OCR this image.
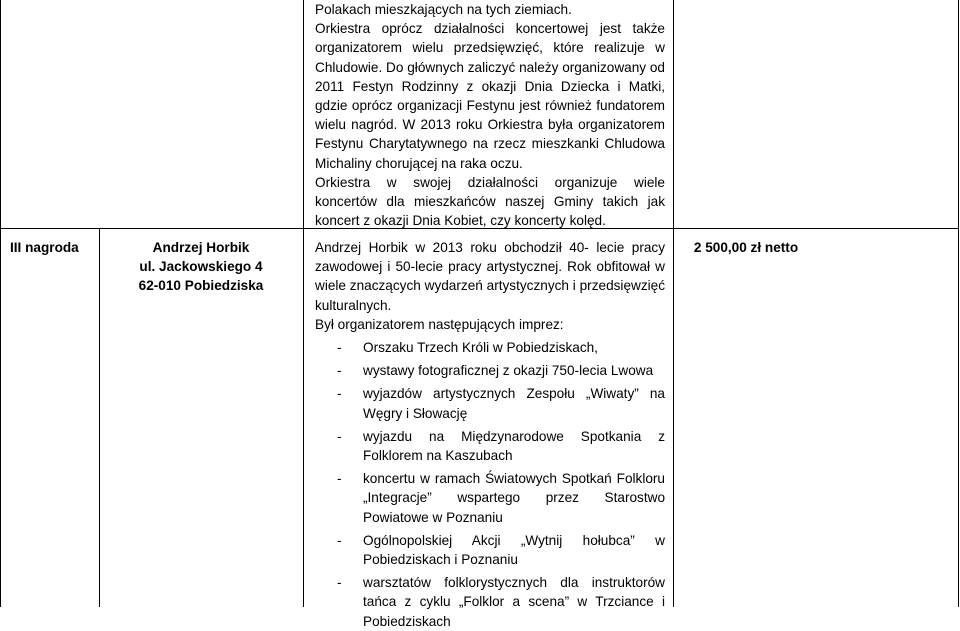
Polakach mieszkających na tych ziemiach.

Orkiestra oprócz działalności koncertowej jest także organizatorem wielu przedsięwzięć, które realizuje w Chludowie. Do głównych zaliczyć należy organizowany od 2011 Festyn Rodzinny z okazji Dnia Dziecka i Matki, gdzie oprócz organizacji Festynu jest również fundatorem wielu nagród. W 2013 roku Orkiestra była organizatorem Festynu Charytatywnego na rzecz mieszkanki Chludowa Michaliny chorującej na raka oczu.

Orkiestra w swojej działalności organizuje wiele koncertów dla mieszkańców naszej Gminy takich jak koncert z okazji Dnia Kobiet, czy koncerty kolęd.

III nagroda	Andrzej Horbik
ul. Jackowskiego 4
62-010 Pobiedziska

Andrzej Horbik w 2013 roku obchodził 40- lecie pracy zawodowej i 50-lecie pracy artystycznej. Rok obfitował w wiele znaczących wydarzeń artystycznych i przedsięwzięć kulturalnych.

Był organizatorem następujących imprez:

- Orszaku Trzech Króli w Pobiedziskach,
- wystawy fotograficznej z okazji 750-lecia Lwowa
- wyjazdów artystycznych Zespołu „Wiwaty” na Węgry i Słowację
- wyjazdu na Międzynarodowe Spotkania z Folklorem na Kaszubach
- koncertu w ramach Światowych Spotkań Folkloru „Integracje” wspartego przez Starostwo Powiatowe w Poznaniu
- Ogólnopolskiej Akcji „Wytnij hołubca” w Pobiedziskach i Poznaniu
- warsztatów folklorystycznych dla instruktorów tańca z cyklu „Folklor a scena” w Trzciance i Pobiedziskach
2 500,00 zł netto
